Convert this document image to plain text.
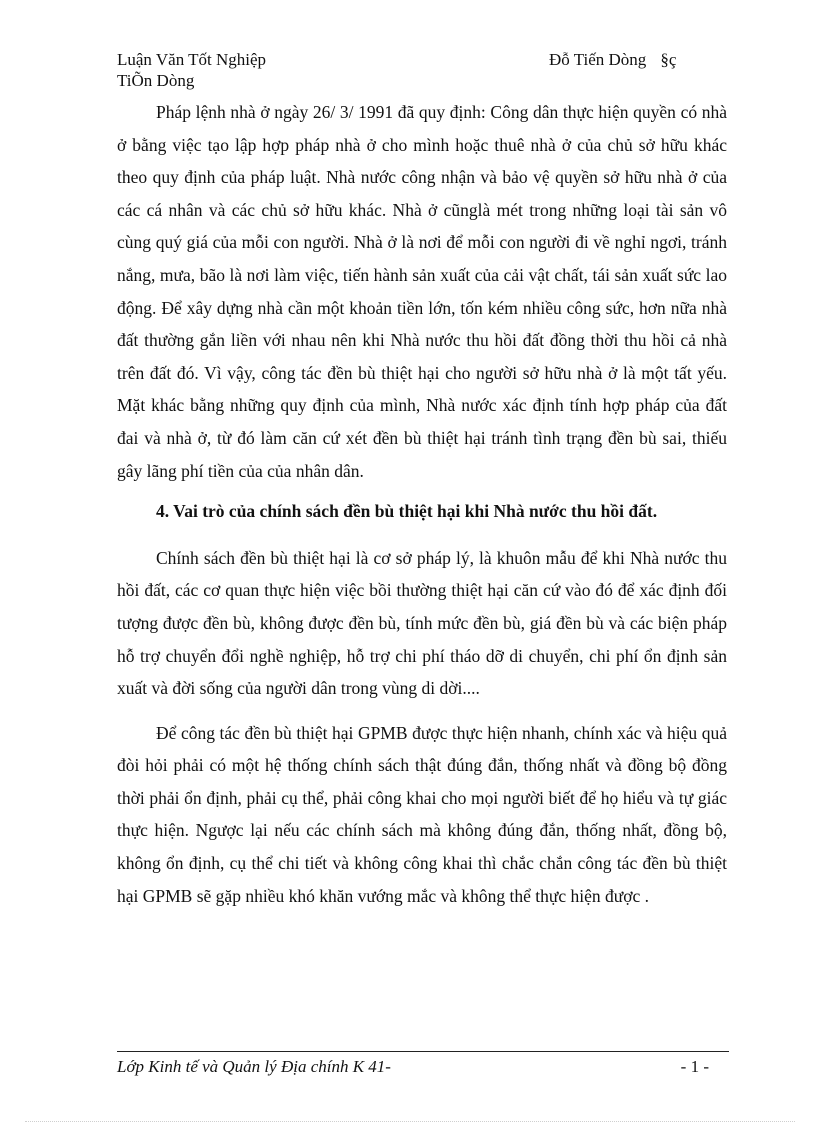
Luận Văn Tốt Nghiệp	Đỗ Tiến Dòng §ç
TiÕn Dòng

Pháp lệnh nhà ở ngày 26/ 3/ 1991 đã quy định: Công dân thực hiện quyền có nhà ở bằng việc tạo lập hợp pháp nhà ở cho mình hoặc thuê nhà ở của chủ sở hữu khác theo quy định của pháp luật. Nhà nước công nhận và bảo vệ quyền sở hữu nhà ở của các cá nhân và các chủ sở hữu khác. Nhà ở cũnglà mét trong những loại tài sản vô cùng quý giá của mỗi con người. Nhà ở là nơi để mỗi con người đi về nghỉ ngơi, tránh nắng, mưa, bão là nơi làm việc, tiến hành sản xuất của cải vật chất, tái sản xuất sức lao động. Để xây dựng nhà cần một khoản tiền lớn, tốn kém nhiều công sức, hơn nữa nhà đất thường gắn liền với nhau nên khi Nhà nước thu hồi đất đồng thời thu hồi cả nhà trên đất đó. Vì vậy, công tác đền bù thiệt hại cho người sở hữu nhà ở là một tất yếu. Mặt khác bằng những quy định của mình, Nhà nước xác định tính hợp pháp của đất đai và nhà ở, từ đó làm căn cứ xét đền bù thiệt hại tránh tình trạng đền bù sai, thiếu gây lãng phí tiền của của nhân dân.

4. Vai trò của chính sách đền bù thiệt hại khi Nhà nước thu hồi đất.

Chính sách đền bù thiệt hại là cơ sở pháp lý, là khuôn mẫu để khi Nhà nước thu hồi đất, các cơ quan thực hiện việc bồi thường thiệt hại căn cứ vào đó để xác định đối tượng được đền bù, không được đền bù, tính mức đền bù, giá đền bù và các biện pháp hỗ trợ chuyển đổi nghề nghiệp, hỗ trợ chi phí tháo dỡ di chuyển, chi phí ổn định sản xuất và đời sống của người dân trong vùng di dời....

Để công tác đền bù thiệt hại GPMB được thực hiện nhanh, chính xác và hiệu quả đòi hỏi phải có một hệ thống chính sách thật đúng đắn, thống nhất và đồng bộ đồng thời phải ổn định, phải cụ thể, phải công khai cho mọi người biết để họ hiểu và tự giác thực hiện. Ngược lại nếu các chính sách mà không đúng đắn, thống nhất, đồng bộ, không ổn định, cụ thể chi tiết và không công khai thì chắc chắn công tác đền bù thiệt hại GPMB sẽ gặp nhiều khó khăn vướng mắc và không thể thực hiện được .

Lớp Kinh tế và Quản lý Địa chính K 41-	- 1 -
